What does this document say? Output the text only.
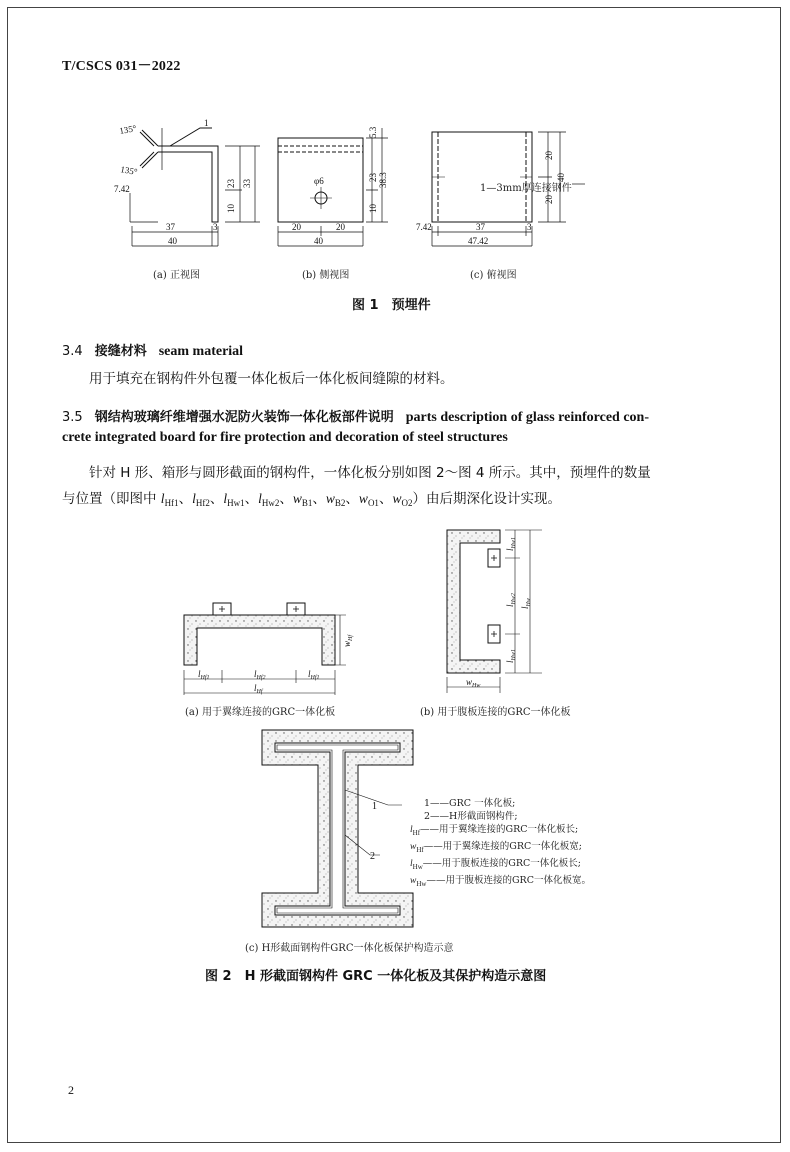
T/CSCS 031－2022
135°
135°
1
23 33
10
7.42
37	3
40
5.3
23 38.3
10
φ6
20	20
40
20
40
20
7.42	37	3
47.42
1—3mm厚连接钢件
(a) 正视图	(b) 侧视图	(c) 俯视图
图 1　预埋件
3.4 接缝材料 seam material
用于填充在钢构件外包覆一体化板后一体化板间缝隙的材料。
3.5 钢结构玻璃纤维增强水泥防火装饰一体化板部件说明 parts description of glass reinforced con-
crete integrated board for fire protection and decoration of steel structures
针对 H 形、箱形与圆形截面的钢构件，一体化板分别如图 2～图 4 所示。其中，预埋件的数量
与位置（即图中 $l_{Hf1}$、$l_{Hf2}$、$l_{Hw1}$、$l_{Hw2}$、$w_{B1}$、$w_{B2}$、$w_{O1}$、$w_{O2}$）由后期深化设计实现。
$l_{Hf1}$	$l_{Hf2}$	$l_{Hf1}$
$l_{Hf}$
$w_{Hf}$
$l_{Hw1}$
$l_{Hw2}$
$l_{Hw1}$
$l_{Hw}$
$w_{Hw}$
1
2
(a) 用于翼缘连接的GRC一体化板	(b) 用于腹板连接的GRC一体化板
(c) H形截面钢构件GRC一体化板保护构造示意
1——GRC 一体化板;
2——H形截面钢构件;
$l_{Hf}——$用于翼缘连接的GRC一体化板长;
$w_{Hf}——$用于翼缘连接的GRC一体化板宽;
$l_{Hw}——$用于腹板连接的GRC一体化板长;
$w_{Hw}——$用于腹板连接的GRC一体化板宽。
图 2　H 形截面钢构件 GRC 一体化板及其保护构造示意图
2
